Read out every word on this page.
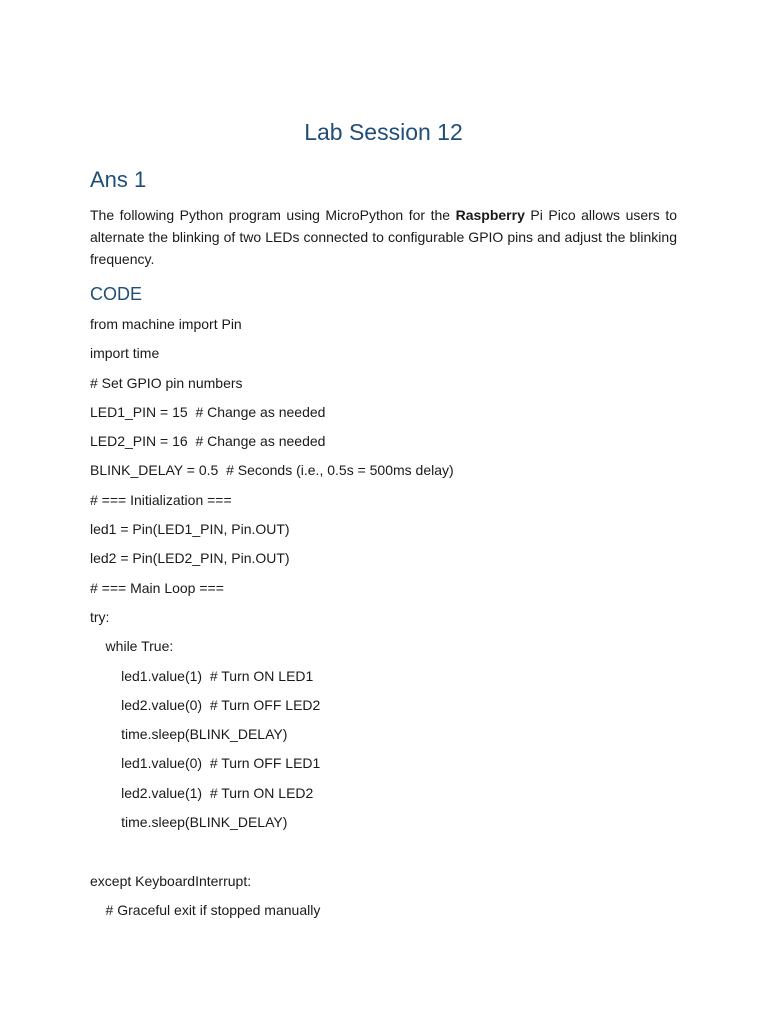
Lab Session 12
Ans 1

The following Python program using MicroPython for the Raspberry Pi Pico allows users to alternate the blinking of two LEDs connected to configurable GPIO pins and adjust the blinking frequency.

CODE
from machine import Pin
import time
# Set GPIO pin numbers
LED1_PIN = 15  # Change as needed
LED2_PIN = 16  # Change as needed
BLINK_DELAY = 0.5  # Seconds (i.e., 0.5s = 500ms delay)
# === Initialization ===
led1 = Pin(LED1_PIN, Pin.OUT)
led2 = Pin(LED2_PIN, Pin.OUT)
# === Main Loop ===
try:
while True:
led1.value(1)  # Turn ON LED1
led2.value(0)  # Turn OFF LED2
time.sleep(BLINK_DELAY)
led1.value(0)  # Turn OFF LED1
led2.value(1)  # Turn ON LED2
time.sleep(BLINK_DELAY)
except KeyboardInterrupt:
# Graceful exit if stopped manually
